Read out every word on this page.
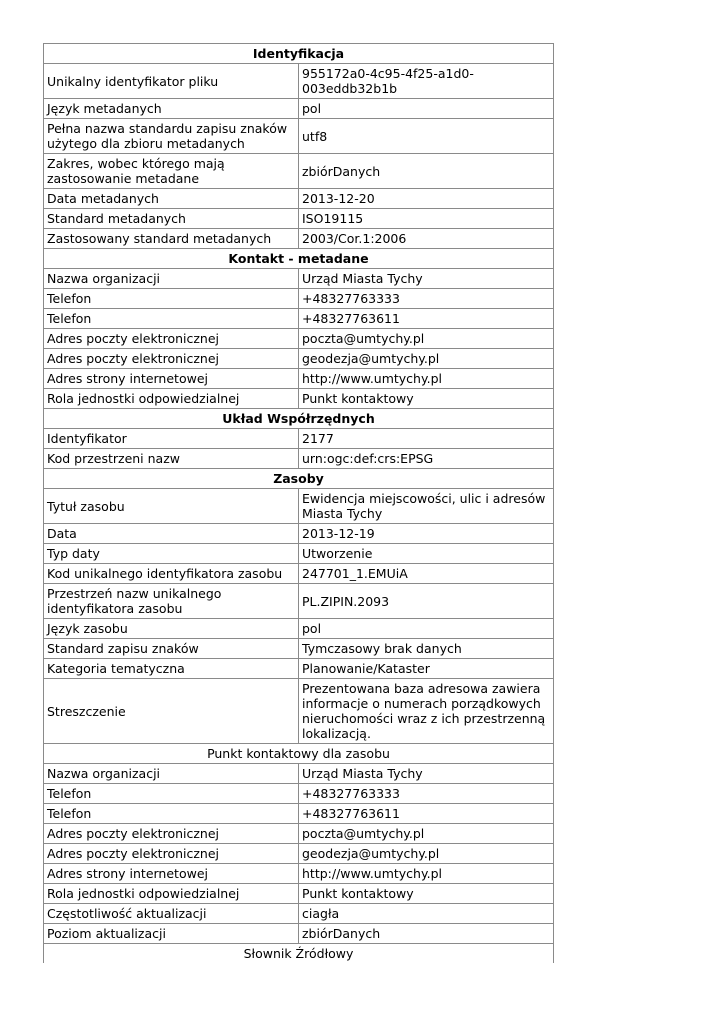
Identyfikacja	
Unikalny identyfikator pliku	955172a0-4c95-4f25-a1d0-003eddb32b1b
Język metadanych	pol
Pełna nazwa standardu zapisu znaków użytego dla zbioru metadanych	utf8
Zakres, wobec którego mają zastosowanie metadane	zbiórDanych
Data metadanych	2013-12-20
Standard metadanych	ISO19115
Zastosowany standard metadanych	2003/Cor.1:2006
Kontakt - metadane	
Nazwa organizacji	Urząd Miasta Tychy
Telefon	+48327763333
Telefon	+48327763611
Adres poczty elektronicznej	poczta@umtychy.pl
Adres poczty elektronicznej	geodezja@umtychy.pl
Adres strony internetowej	http://www.umtychy.pl
Rola jednostki odpowiedzialnej	Punkt kontaktowy
Układ Współrzędnych	
Identyfikator	2177
Kod przestrzeni nazw	urn:ogc:def:crs:EPSG
Zasoby	
Tytuł zasobu	Ewidencja miejscowości, ulic i adresów Miasta Tychy
Data	2013-12-19
Typ daty	Utworzenie
Kod unikalnego identyfikatora zasobu	247701_1.EMUiA
Przestrzeń nazw unikalnego identyfikatora zasobu	PL.ZIPIN.2093
Język zasobu	pol
Standard zapisu znaków	Tymczasowy brak danych
Kategoria tematyczna	Planowanie/Kataster
Streszczenie	Prezentowana baza adresowa zawiera informacje o numerach porządkowych nieruchomości wraz z ich przestrzenną lokalizacją.
Punkt kontaktowy dla zasobu	
Nazwa organizacji	Urząd Miasta Tychy
Telefon	+48327763333
Telefon	+48327763611
Adres poczty elektronicznej	poczta@umtychy.pl
Adres poczty elektronicznej	geodezja@umtychy.pl
Adres strony internetowej	http://www.umtychy.pl
Rola jednostki odpowiedzialnej	Punkt kontaktowy
Częstotliwość aktualizacji	ciagła
Poziom aktualizacji	zbiórDanych
Słownik Źródłowy	
